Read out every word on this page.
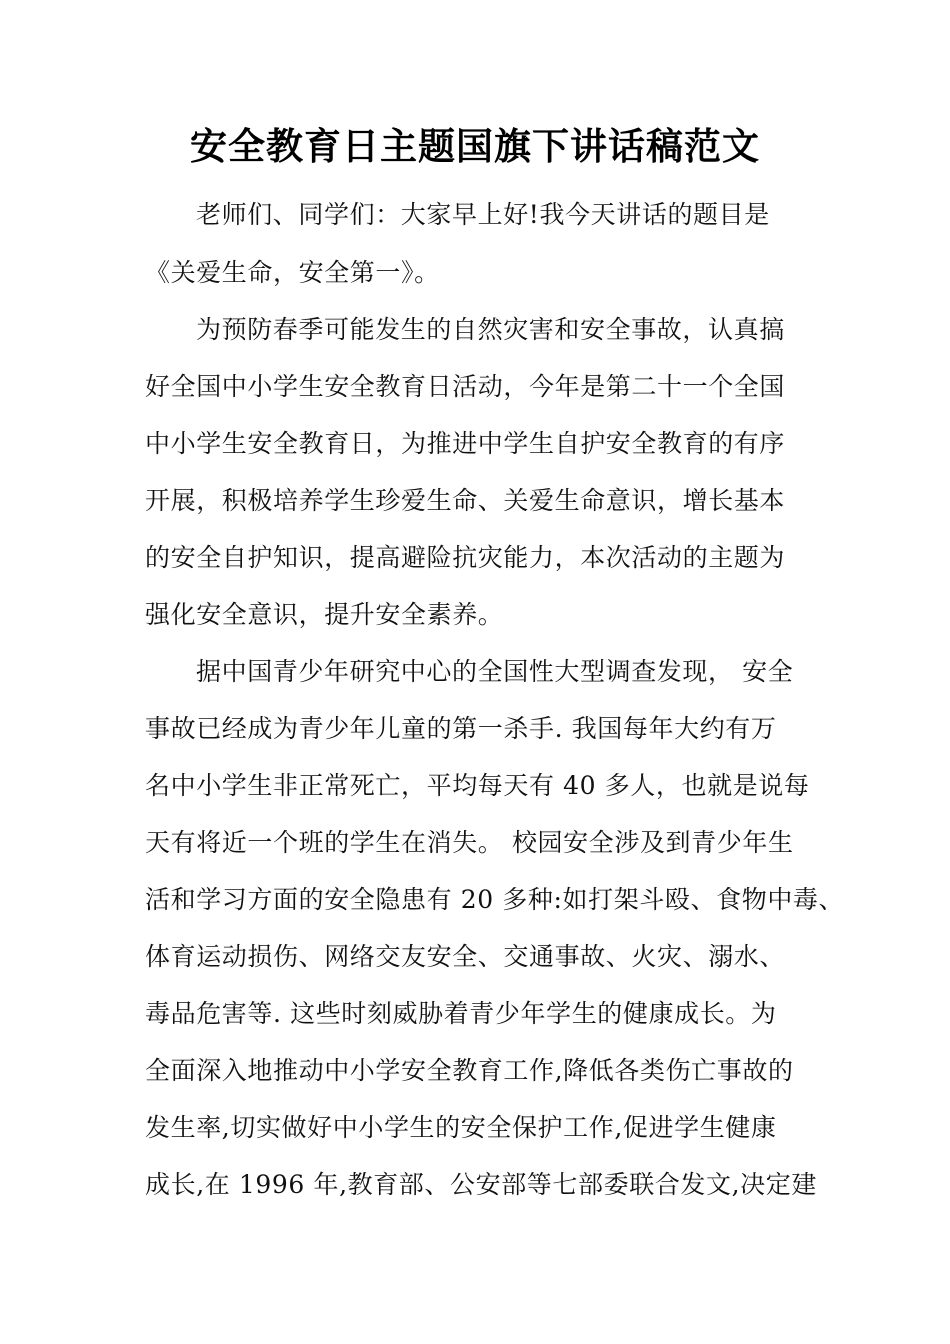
安全教育日主题国旗下讲话稿范文
老师们、同学们：大家早上好!我今天讲话的题目是
《关爱生命，安全第一》。
为预防春季可能发生的自然灾害和安全事故，认真搞
好全国中小学生安全教育日活动，今年是第二十一个全国
中小学生安全教育日，为推进中学生自护安全教育的有序
开展，积极培养学生珍爱生命、关爱生命意识，增长基本
的安全自护知识，提高避险抗灾能力，本次活动的主题为
强化安全意识，提升安全素养。
据中国青少年研究中心的全国性大型调查发现， 安全
事故已经成为青少年儿童的第一杀手. 我国每年大约有万
名中小学生非正常死亡，平均每天有 40 多人，也就是说每
天有将近一个班的学生在消失。 校园安全涉及到青少年生
活和学习方面的安全隐患有 20 多种:如打架斗殴、食物中毒、
体育运动损伤、网络交友安全、交通事故、火灾、溺水、
毒品危害等. 这些时刻威胁着青少年学生的健康成长。为
全面深入地推动中小学安全教育工作,降低各类伤亡事故的
发生率,切实做好中小学生的安全保护工作,促进学生健康
成长,在 1996 年,教育部、公安部等七部委联合发文,决定建
